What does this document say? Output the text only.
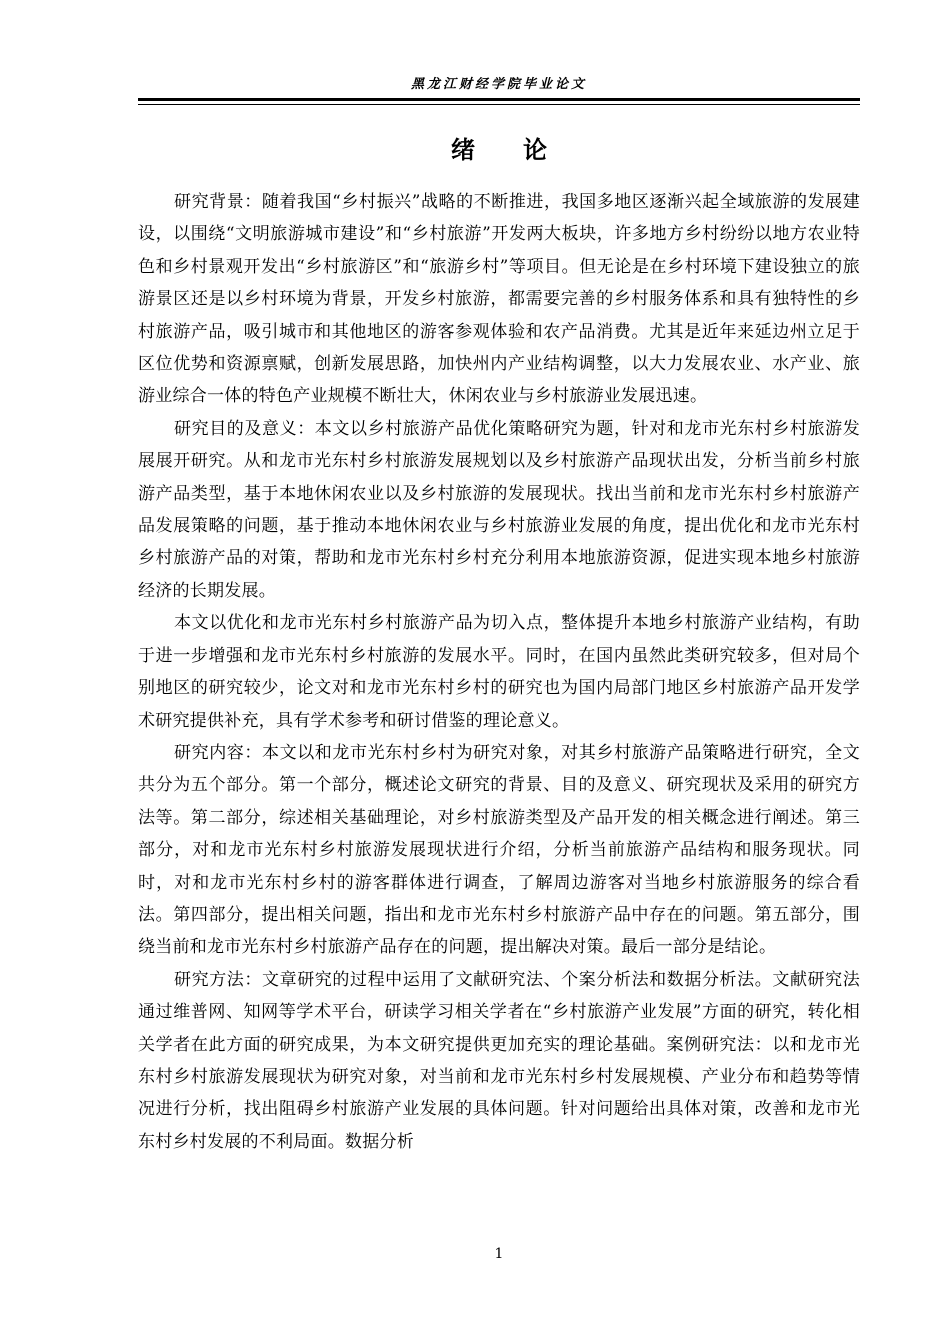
黑龙江财经学院毕业论文
绪 论

研究背景：随着我国“乡村振兴”战略的不断推进，我国多地区逐渐兴起全域旅游的发展建设，以围绕“文明旅游城市建设”和“乡村旅游”开发两大板块，许多地方乡村纷纷以地方农业特色和乡村景观开发出“乡村旅游区”和“旅游乡村”等项目。但无论是在乡村环境下建设独立的旅游景区还是以乡村环境为背景，开发乡村旅游，都需要完善的乡村服务体系和具有独特性的乡村旅游产品，吸引城市和其他地区的游客参观体验和农产品消费。尤其是近年来延边州立足于区位优势和资源禀赋，创新发展思路，加快州内产业结构调整，以大力发展农业、水产业、旅游业综合一体的特色产业规模不断壮大，休闲农业与乡村旅游业发展迅速。

研究目的及意义：本文以乡村旅游产品优化策略研究为题，针对和龙市光东村乡村旅游发展展开研究。从和龙市光东村乡村旅游发展规划以及乡村旅游产品现状出发，分析当前乡村旅游产品类型，基于本地休闲农业以及乡村旅游的发展现状。找出当前和龙市光东村乡村旅游产品发展策略的问题，基于推动本地休闲农业与乡村旅游业发展的角度，提出优化和龙市光东村乡村旅游产品的对策，帮助和龙市光东村乡村充分利用本地旅游资源，促进实现本地乡村旅游经济的长期发展。

本文以优化和龙市光东村乡村旅游产品为切入点，整体提升本地乡村旅游产业结构，有助于进一步增强和龙市光东村乡村旅游的发展水平。同时，在国内虽然此类研究较多，但对局个别地区的研究较少，论文对和龙市光东村乡村的研究也为国内局部门地区乡村旅游产品开发学术研究提供补充，具有学术参考和研讨借鉴的理论意义。

研究内容：本文以和龙市光东村乡村为研究对象，对其乡村旅游产品策略进行研究，全文共分为五个部分。第一个部分，概述论文研究的背景、目的及意义、研究现状及采用的研究方法等。第二部分，综述相关基础理论，对乡村旅游类型及产品开发的相关概念进行阐述。第三部分，对和龙市光东村乡村旅游发展现状进行介绍，分析当前旅游产品结构和服务现状。同时，对和龙市光东村乡村的游客群体进行调查，了解周边游客对当地乡村旅游服务的综合看法。第四部分，提出相关问题，指出和龙市光东村乡村旅游产品中存在的问题。第五部分，围绕当前和龙市光东村乡村旅游产品存在的问题，提出解决对策。最后一部分是结论。

研究方法：文章研究的过程中运用了文献研究法、个案分析法和数据分析法。文献研究法通过维普网、知网等学术平台，研读学习相关学者在“乡村旅游产业发展”方面的研究，转化相关学者在此方面的研究成果，为本文研究提供更加充实的理论基础。案例研究法：以和龙市光东村乡村旅游发展现状为研究对象，对当前和龙市光东村乡村发展规模、产业分布和趋势等情况进行分析，找出阻碍乡村旅游产业发展的具体问题。针对问题给出具体对策，改善和龙市光东村乡村发展的不利局面。数据分析

1
